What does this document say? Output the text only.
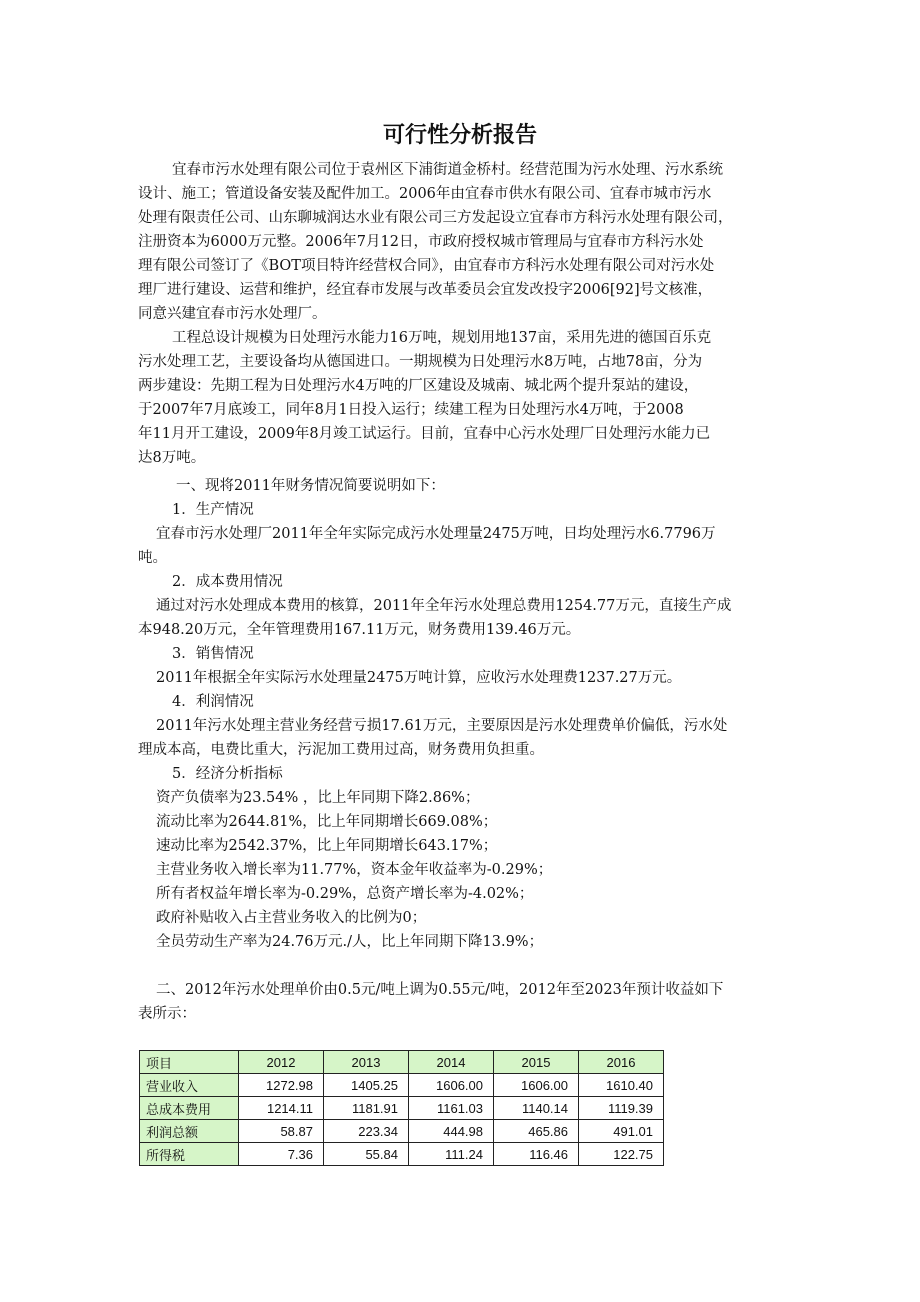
可行性分析报告
宜春市污水处理有限公司位于袁州区下浦街道金桥村。经营范围为污水处理、污水系统
设计、施工；管道设备安装及配件加工。2006年由宜春市供水有限公司、宜春市城市污水
处理有限责任公司、山东聊城润达水业有限公司三方发起设立宜春市方科污水处理有限公司，
注册资本为6000万元整。2006年7月12日，市政府授权城市管理局与宜春市方科污水处
理有限公司签订了《BOT项目特许经营权合同》，由宜春市方科污水处理有限公司对污水处
理厂进行建设、运营和维护，经宜春市发展与改革委员会宜发改投字2006[92]号文核准，
同意兴建宜春市污水处理厂。
工程总设计规模为日处理污水能力16万吨，规划用地137亩，采用先进的德国百乐克
污水处理工艺，主要设备均从德国进口。一期规模为日处理污水8万吨，占地78亩，分为
两步建设：先期工程为日处理污水4万吨的厂区建设及城南、城北两个提升泵站的建设，
于2007年7月底竣工，同年8月1日投入运行；续建工程为日处理污水4万吨，于2008
年11月开工建设，2009年8月竣工试运行。目前，宜春中心污水处理厂日处理污水能力已
达8万吨。
一、现将2011年财务情况简要说明如下：
1．生产情况
宜春市污水处理厂2011年全年实际完成污水处理量2475万吨，日均处理污水6.7796万
吨。
2．成本费用情况
通过对污水处理成本费用的核算，2011年全年污水处理总费用1254.77万元，直接生产成
本948.20万元，全年管理费用167.11万元，财务费用139.46万元。
3．销售情况
2011年根据全年实际污水处理量2475万吨计算，应收污水处理费1237.27万元。
4．利润情况
2011年污水处理主营业务经营亏损17.61万元，主要原因是污水处理费单价偏低，污水处
理成本高，电费比重大，污泥加工费用过高，财务费用负担重。
5．经济分析指标
资产负债率为23.54% ，比上年同期下降2.86%；
流动比率为2644.81%，比上年同期增长669.08%；
速动比率为2542.37%，比上年同期增长643.17%；
主营业务收入增长率为11.77%，资本金年收益率为-0.29%；
所有者权益年增长率为-0.29%，总资产增长率为-4.02%；
政府补贴收入占主营业务收入的比例为0；
全员劳动生产率为24.76万元./人，比上年同期下降13.9%；
二、2012年污水处理单价由0.5元/吨上调为0.55元/吨，2012年至2023年预计收益如下
表所示：
项目	2012	2013	2014	2015	2016
营业收入	1272.98	1405.25	1606.00	1606.00	1610.40
总成本费用	1214.11	1181.91	1161.03	1140.14	1119.39
利润总额	58.87	223.34	444.98	465.86	491.01
所得税	7.36	55.84	111.24	116.46	122.75
